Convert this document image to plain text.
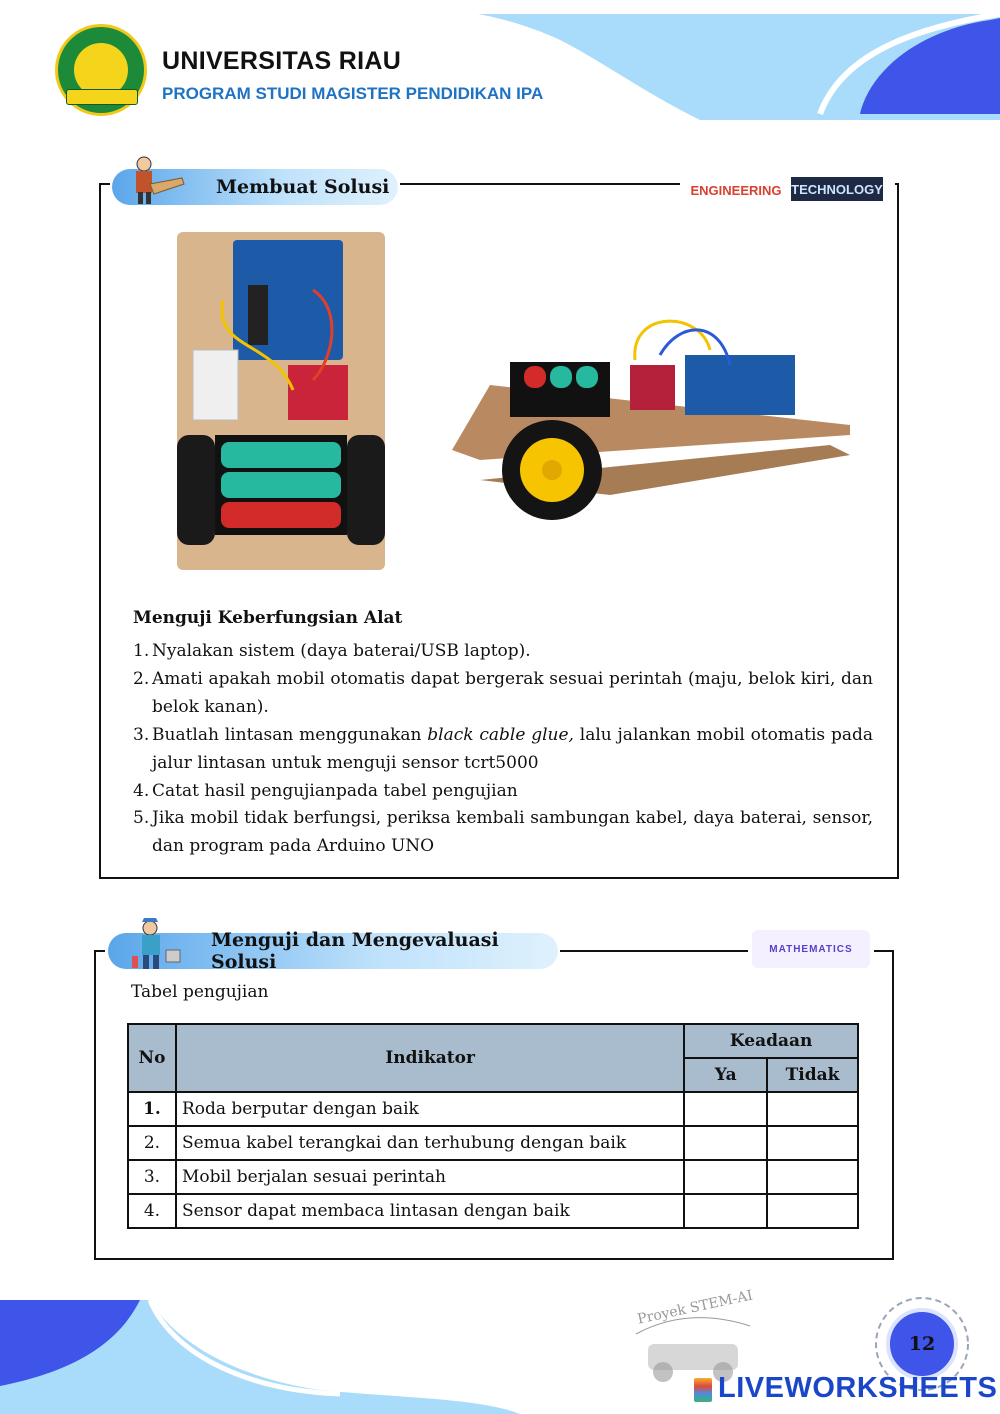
UNIVERSITAS RIAU
PROGRAM STUDI MAGISTER PENDIDIKAN IPA
Membuat Solusi	ENGINEERING TECHNOLOGY
Menguji Keberfungsian Alat
1. Nyalakan sistem (daya baterai/USB laptop).
2. Amati apakah mobil otomatis dapat bergerak sesuai perintah (maju, belok kiri, dan belok kanan).
3. Buatlah lintasan menggunakan black cable glue, lalu jalankan mobil otomatis pada jalur lintasan untuk menguji sensor tcrt5000
4. Catat hasil pengujianpada tabel pengujian
5. Jika mobil tidak berfungsi, periksa kembali sambungan kabel, daya baterai, sensor, dan program pada Arduino UNO
Menguji dan Mengevaluasi Solusi
MATHEMATICS
Tabel pengujian
No	Indikator	Keadaan	
		Ya	Tidak
1.	Roda berputar dengan baik		
2.	Semua kabel terangkai dan terhubung dengan baik		
3.	Mobil berjalan sesuai perintah		
4.	Sensor dapat membaca lintasan dengan baik		
Proyek STEM-AI
12
LIVEWORKSHEETS
